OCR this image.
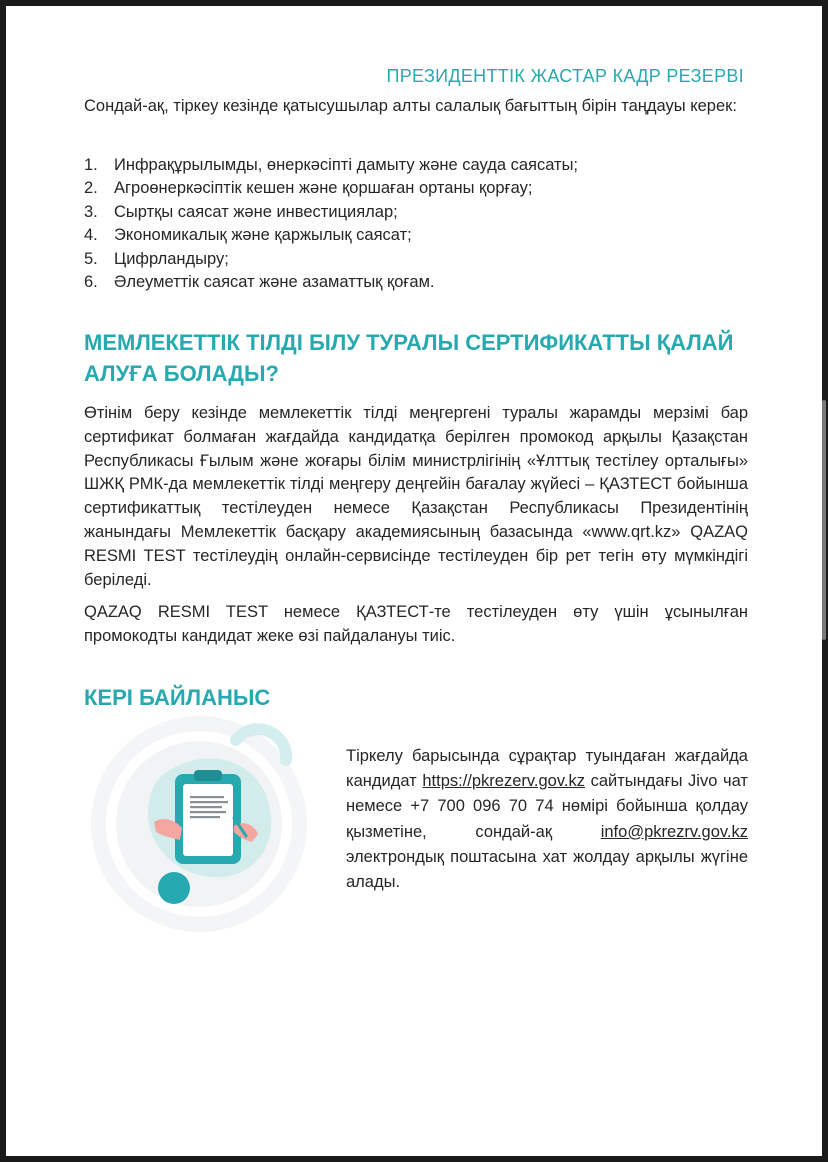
ПРЕЗИДЕНТТІК ЖАСТАР КАДР РЕЗЕРВІ
Сондай-ақ, тіркеу кезінде қатысушылар алты салалық бағыттың бірін таңдауы керек:
1. Инфрақұрылымды, өнеркәсіпті дамыту және сауда саясаты;
2. Агроөнеркәсіптік кешен және қоршаған ортаны қорғау;
3. Сыртқы саясат және инвестициялар;
4. Экономикалық және қаржылық саясат;
5. Цифрландыру;
6. Әлеуметтік саясат және азаматтық қоғам.
МЕМЛЕКЕТТІК ТІЛДІ БІЛУ ТУРАЛЫ СЕРТИФИКАТТЫ ҚАЛАЙ АЛУҒА БОЛАДЫ?

Өтінім беру кезінде мемлекеттік тілді меңгергені туралы жарамды мерзімі бар сертификат болмаған жағдайда кандидатқа берілген промокод арқылы Қазақстан Республикасы Ғылым және жоғары білім министрлігінің «Ұлттық тестілеу орталығы» ШЖҚ РМК-да мемлекеттік тілді меңгеру деңгейін бағалау жүйесі – ҚАЗТЕСТ бойынша сертификаттық тестілеуден немесе Қазақстан Республикасы Президентінің жанындағы Мемлекеттік басқару академиясының базасында «www.qrt.kz» QAZAQ RESMI TEST тестілеудің онлайн-сервисінде тестілеуден бір рет тегін өту мүмкіндігі беріледі.

QAZAQ RESMI TEST немесе ҚАЗТЕСТ-те тестілеуден өту үшін ұсынылған промокодты кандидат жеке өзі пайдалануы тиіс.

КЕРІ БАЙЛАНЫС
Тіркелу барысында сұрақтар туындаған жағдайда кандидат https://pkrezerv.gov.kz сайтындағы Jivo чат немесе +7 700 096 70 74 нөмірі бойынша қолдау қызметіне, сондай-ақ info@pkrezrv.gov.kz электрондық поштасына хат жолдау арқылы жүгіне алады.
